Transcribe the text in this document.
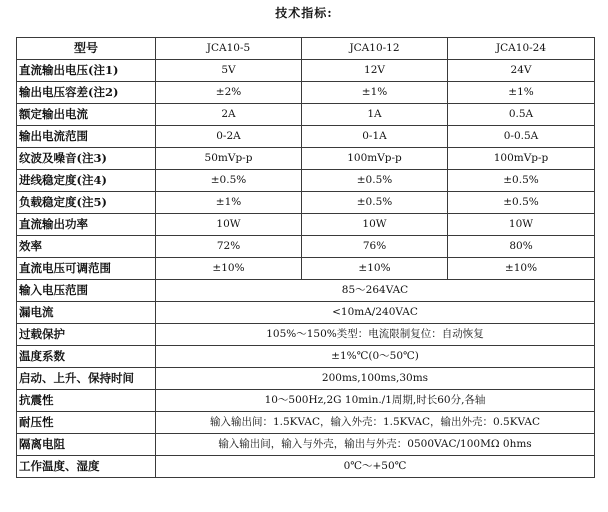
技术指标:
型号	JCA10-5	JCA10-12	JCA10-24
直流输出电压(注1)	5V	12V	24V
输出电压容差(注2)	±2%	±1%	±1%
额定输出电流	2A	1A	0.5A
输出电流范围	0-2A	0-1A	0-0.5A
纹波及噪音(注3)	50mVp-p	100mVp-p	100mVp-p
进线稳定度(注4)	±0.5%	±0.5%	±0.5%
负载稳定度(注5)	±1%	±0.5%	±0.5%
直流输出功率	10W	10W	10W
效率	72%	76%	80%
直流电压可调范围	±10%	±10%	±10%
输入电压范围	85～264VAC		
漏电流	<10mA/240VAC		
过载保护	105%～150%类型：电流限制复位：自动恢复		
温度系数	±1%℃(0～50℃)		
启动、上升、保持时间	200ms,100ms,30ms		
抗震性	10～500Hz,2G 10min./1周期,时长60分,各轴		
耐压性	输入输出间：1.5KVAC，输入外壳：1.5KVAC，输出外壳：0.5KVAC		
隔离电阻	输入输出间，输入与外壳，输出与外壳：0500VAC/100MΩ 0hms		
工作温度、湿度	0℃～+50℃		
